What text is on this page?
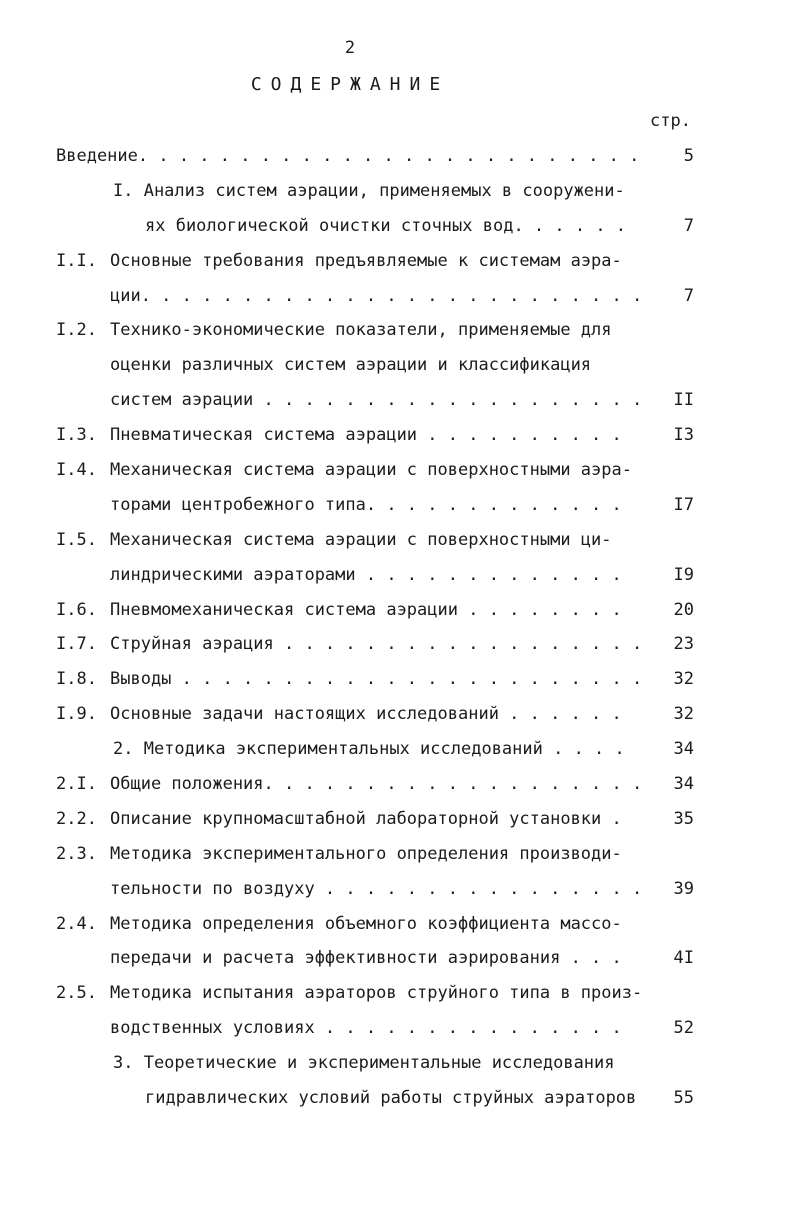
2
СОДЕРЖАНИЕ
стр.
Введение. . . . . . . . . . . . . . . . . . . . . . . . .	5
I. Анализ систем аэрации, применяемых в сооружени-
ях биологической очистки сточных вод. . . . . .	7
I.I. Основные требования предъявляемые к системам аэра-
ции. . . . . . . . . . . . . . . . . . . . . . . . . 7
I.2. Технико-экономические показатели, применяемые для
оценки различных систем аэрации и классификация
систем аэрации . . . . . . . . . . . . . . . . . . . II
I.3. Пневматическая система аэрации . . . . . . . . . .	I3
I.4. Механическая система аэрации с поверхностными аэра-
торами центробежного типа. . . . . . . . . . . . .	I7
I.5. Механическая система аэрации с поверхностными ци-
линдрическими аэраторами . . . . . . . . . . . . .	I9
I.6. Пневмомеханическая система аэрации . . . . . . . .	20
I.7. Струйная аэрация . . . . . . . . . . . . . . . . . . 23
I.8. Выводы . . . . . . . . . . . . . . . . . . . . . . . 32
I.9. Основные задачи настоящих исследований . . . . . .	32
2. Методика экспериментальных исследований . . . .	34
2.I. Общие положения. . . . . . . . . . . . . . . . . . . 34
2.2. Описание крупномасштабной лабораторной установки .	35
2.3. Методика экспериментального определения производи-
тельности по воздуху . . . . . . . . . . . . . . . . 39
2.4. Методика определения объемного коэффициента массо-
передачи и расчета эффективности аэрирования . . .	4I
2.5. Методика испытания аэраторов струйного типа в произ-
водственных условиях . . . . . . . . . . . . . . .	52
3. Теоретические и экспериментальные исследования
гидравлических условий работы струйных аэраторов 55
